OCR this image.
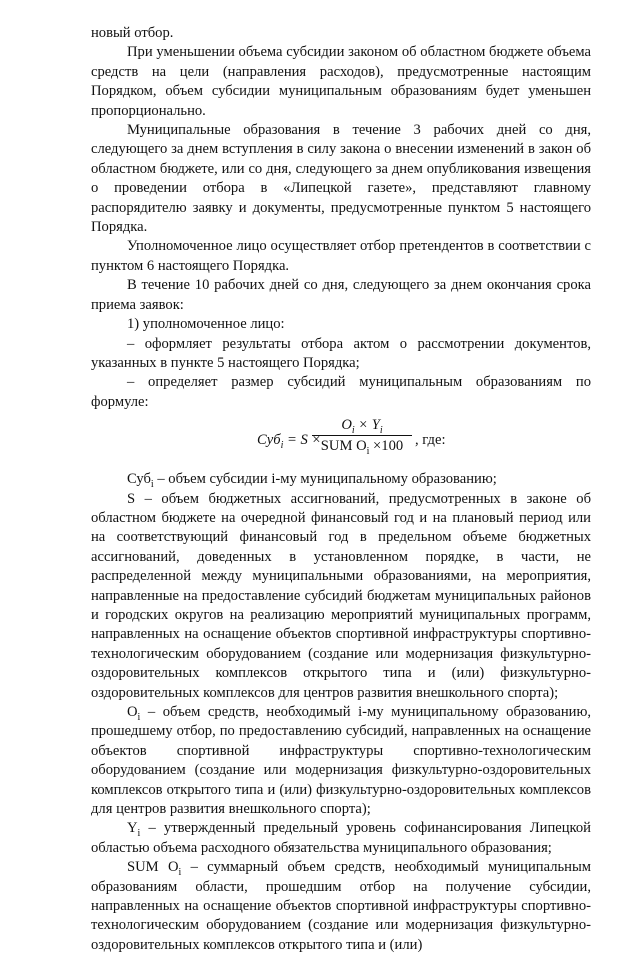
новый отбор.

При уменьшении объема субсидии законом об областном бюджете объема средств на цели (направления расходов), предусмотренные настоящим Порядком, объем субсидии муниципальным образованиям будет уменьшен пропорционально.

Муниципальные образования в течение 3 рабочих дней со дня, следующего за днем вступления в силу закона о внесении изменений в закон об областном бюджете, или со дня, следующего за днем опубликования извещения о проведении отбора в «Липецкой газете», представляют главному распорядителю заявку и документы, предусмотренные пунктом 5 настоящего Порядка.

Уполномоченное лицо осуществляет отбор претендентов в соответствии с пунктом 6 настоящего Порядка.

В течение 10 рабочих дней со дня, следующего за днем окончания срока приема заявок:

1) уполномоченное лицо:

– оформляет результаты отбора актом о рассмотрении документов, указанных в пункте 5 настоящего Порядка;

– определяет размер субсидий муниципальным образованиям по формуле:

Суб$_i$ = S ×
$O_i \times Y_i$
SUM $O_i \times 100$ , где:

Суб$_i$ – объем субсидии i-му муниципальному образованию;

S – объем бюджетных ассигнований, предусмотренных в законе об областном бюджете на очередной финансовый год и на плановый период или на соответствующий финансовый год в предельном объеме бюджетных ассигнований, доведенных в установленном порядке, в части, не распределенной между муниципальными образованиями, на мероприятия, направленные на предоставление субсидий бюджетам муниципальных районов и городских округов на реализацию мероприятий муниципальных программ, направленных на оснащение объектов спортивной инфраструктуры спортивно-технологическим оборудованием (создание или модернизация физкультурно-оздоровительных комплексов открытого типа и (или) физкультурно-оздоровительных комплексов для центров развития внешкольного спорта);

$O_i$ – объем средств, необходимый i-му муниципальному образованию, прошедшему отбор, по предоставлению субсидий, направленных на оснащение объектов спортивной инфраструктуры спортивно-технологическим оборудованием (создание или модернизация физкультурно-оздоровительных комплексов открытого типа и (или) физкультурно-оздоровительных комплексов для центров развития внешкольного спорта);

$Y_i$ – утвержденный предельный уровень софинансирования Липецкой областью объема расходного обязательства муниципального образования;

SUM $O_i$ – суммарный объем средств, необходимый муниципальным образованиям области, прошедшим отбор на получение субсидии, направленных на оснащение объектов спортивной инфраструктуры спортивно-технологическим оборудованием (создание или модернизация физкультурно-оздоровительных комплексов открытого типа и (или)
